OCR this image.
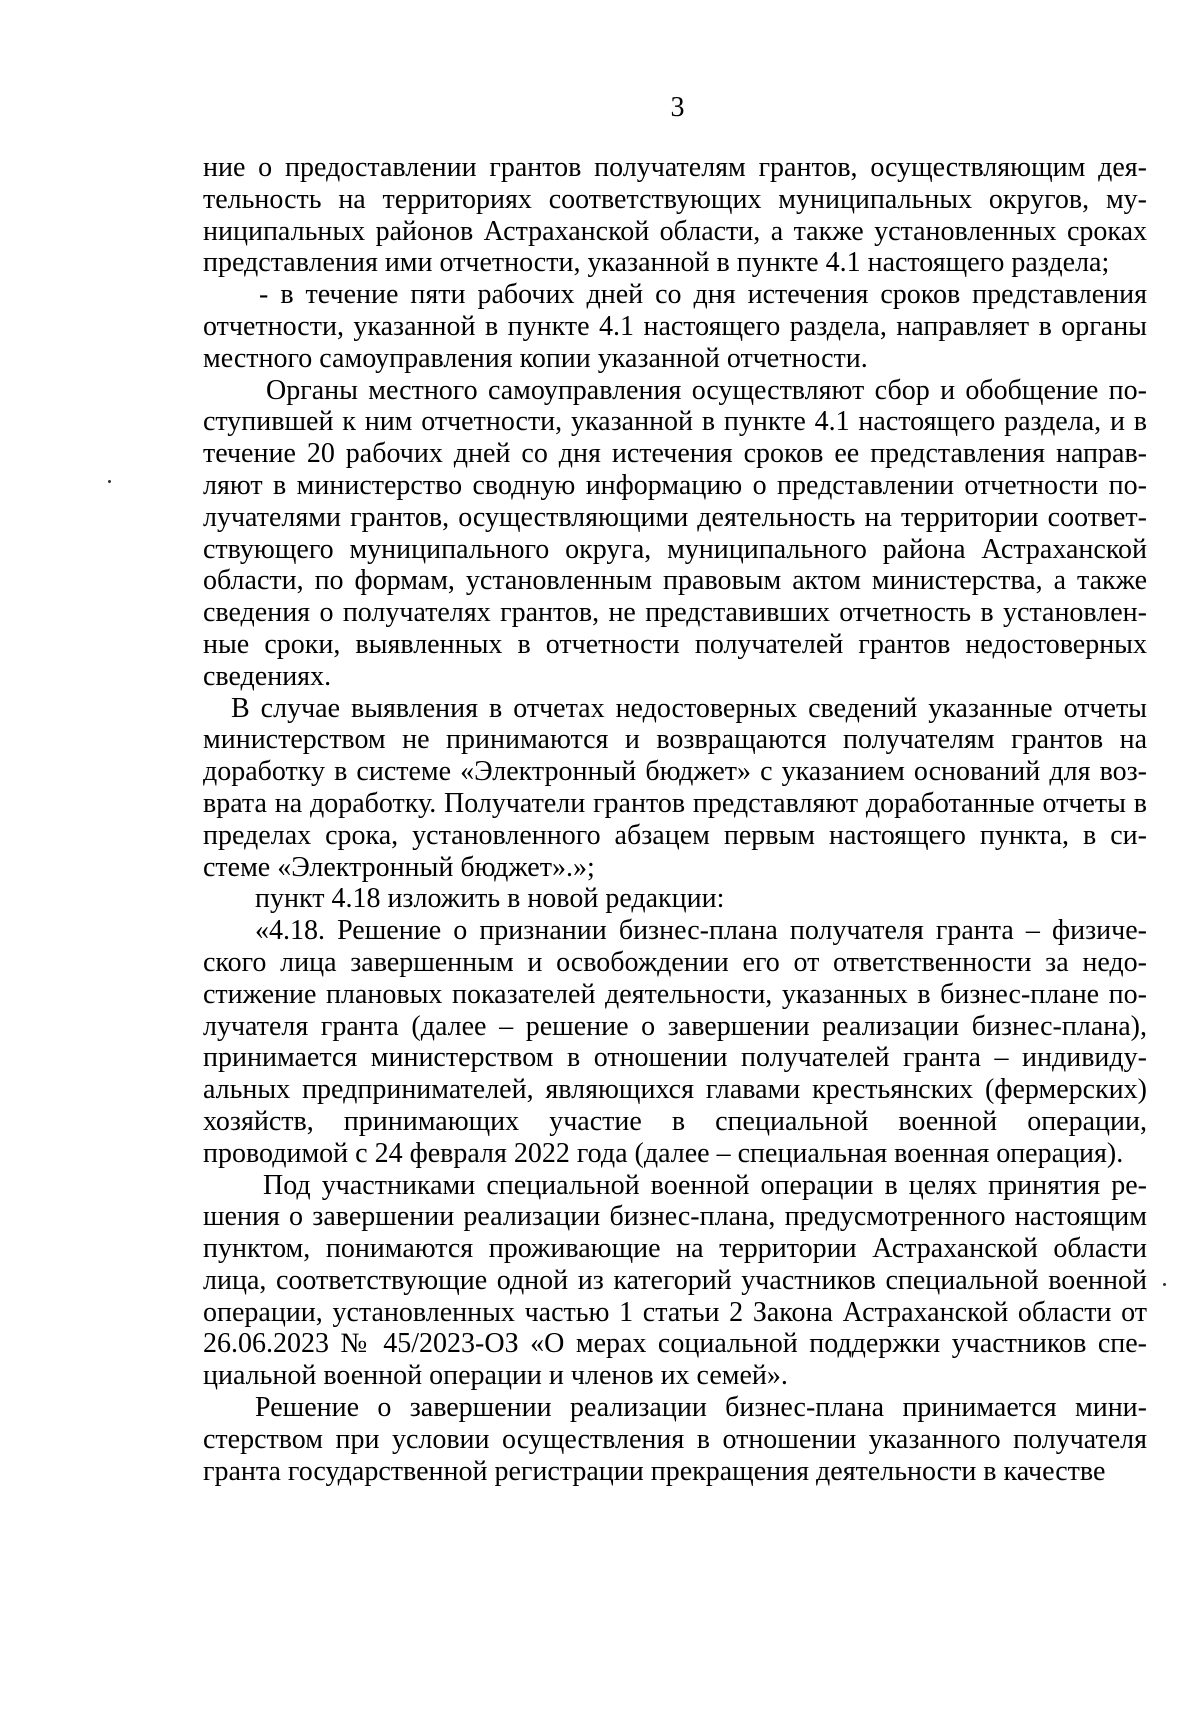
3

ние о предоставлении грантов получателям грантов, осуществляющим деятельность на территориях соответствующих муниципальных округов, муниципальных районов Астраханской области, а также установленных сроках представления ими отчетности, указанной в пункте 4.1 настоящего раздела;

- в течение пяти рабочих дней со дня истечения сроков представления отчетности, указанной в пункте 4.1 настоящего раздела, направляет в органы местного самоуправления копии указанной отчетности.

Органы местного самоуправления осуществляют сбор и обобщение поступившей к ним отчетности, указанной в пункте 4.1 настоящего раздела, и в течение 20 рабочих дней со дня истечения сроков ее представления направляют в министерство сводную информацию о представлении отчетности получателями грантов, осуществляющими деятельность на территории соответствующего муниципального округа, муниципального района Астраханской области, по формам, установленным правовым актом министерства, а также сведения о получателях грантов, не представивших отчетность в установленные сроки, выявленных в отчетности получателей грантов недостоверных сведениях.

В случае выявления в отчетах недостоверных сведений указанные отчеты министерством не принимаются и возвращаются получателям грантов на доработку в системе «Электронный бюджет» с указанием оснований для возврата на доработку. Получатели грантов представляют доработанные отчеты в пределах срока, установленного абзацем первым настоящего пункта, в системе «Электронный бюджет».»;

пункт 4.18 изложить в новой редакции:

«4.18. Решение о признании бизнес-плана получателя гранта – физического лица завершенным и освобождении его от ответственности за недостижение плановых показателей деятельности, указанных в бизнес-плане получателя гранта (далее – решение о завершении реализации бизнес-плана), принимается министерством в отношении получателей гранта – индивидуальных предпринимателей, являющихся главами крестьянских (фермерских) хозяйств, принимающих участие в специальной военной операции, проводимой с 24 февраля 2022 года (далее – специальная военная операция).

Под участниками специальной военной операции в целях принятия решения о завершении реализации бизнес-плана, предусмотренного настоящим пунктом, понимаются проживающие на территории Астраханской области лица, соответствующие одной из категорий участников специальной военной операции, установленных частью 1 статьи 2 Закона Астраханской области от 26.06.2023 № 45/2023-ОЗ «О мерах социальной поддержки участников специальной военной операции и членов их семей».

Решение о завершении реализации бизнес-плана принимается министерством при условии осуществления в отношении указанного получателя гранта государственной регистрации прекращения деятельности в качестве
